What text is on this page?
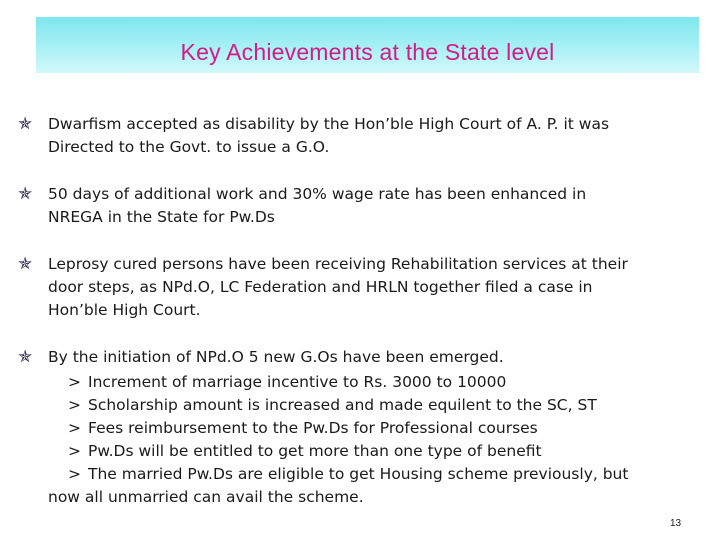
Key Achievements at the State level
✯	Dwarfism accepted as disability by the Hon’ble High Court of A. P. it was
Directed to the Govt. to issue a G.O.
✯	50 days of additional work and 30% wage rate has been enhanced in
NREGA in the State for Pw.Ds
✯	Leprosy cured persons have been receiving Rehabilitation services at their
door steps, as NPd.O, LC Federation and HRLN together filed a case in
Hon’ble High Court.
✯	By the initiation of NPd.O 5 new G.Os have been emerged.
> Increment of marriage incentive to Rs. 3000 to 10000
> Scholarship amount is increased and made equilent to the SC, ST
> Fees reimbursement to the Pw.Ds for Professional courses
> Pw.Ds will be entitled to get more than one type of benefit
> The married Pw.Ds are eligible to get Housing scheme previously, but
now all unmarried can avail the scheme.
13
